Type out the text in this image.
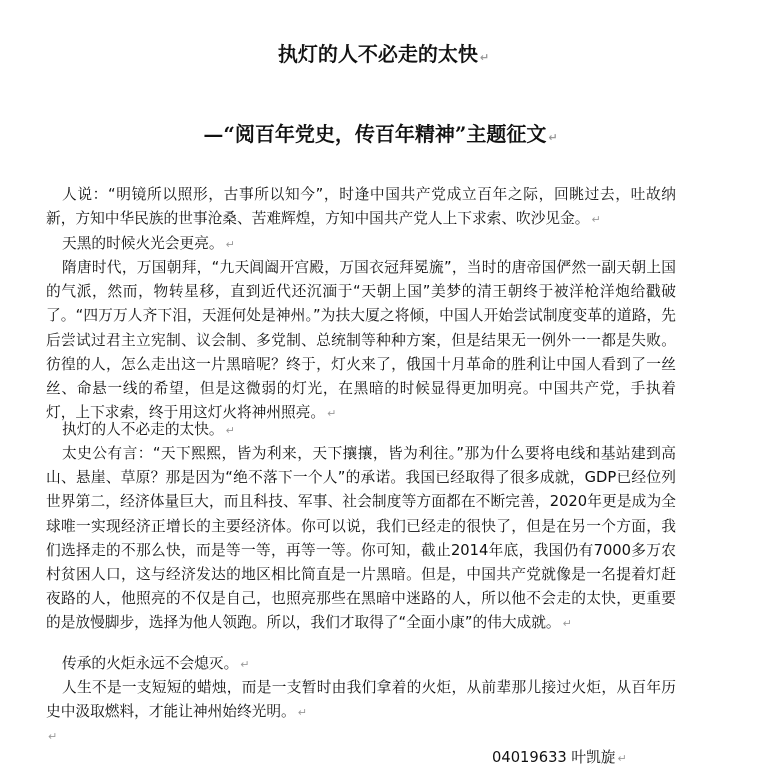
执灯的人不必走的太快 ↵
—“阅百年党史，传百年精神”主题征文 ↵
人说：“明镜所以照形，古事所以知今”，时逢中国共产党成立百年之际，回眺过去，吐故纳新，方知中华民族的世事沧桑、苦难辉煌，方知中国共产党人上下求索、吹沙见金。 ↵
天黑的时候火光会更亮。 ↵
隋唐时代，万国朝拜，“九天阊阖开宫殿，万国衣冠拜冕旒”，当时的唐帝国俨然一副天朝上国的气派，然而，物转星移，直到近代还沉湎于“天朝上国”美梦的清王朝终于被洋枪洋炮给戳破了。“四万万人齐下泪，天涯何处是神州。”为扶大厦之将倾，中国人开始尝试制度变革的道路，先后尝试过君主立宪制、议会制、多党制、总统制等种种方案，但是结果无一例外一一都是失败。彷徨的人，怎么走出这一片黑暗呢？终于，灯火来了，俄国十月革命的胜利让中国人看到了一丝丝、命悬一线的希望，但是这微弱的灯光，在黑暗的时候显得更加明亮。中国共产党，手执着灯，上下求索，终于用这灯火将神州照亮。 ↵
执灯的人不必走的太快。 ↵
太史公有言：“天下熙熙，皆为利来，天下攘攘，皆为利往。”那为什么要将电线和基站建到高山、悬崖、草原？那是因为“绝不落下一个人”的承诺。我国已经取得了很多成就，GDP已经位列世界第二，经济体量巨大，而且科技、军事、社会制度等方面都在不断完善，2020年更是成为全球唯一实现经济正增长的主要经济体。你可以说，我们已经走的很快了，但是在另一个方面，我们选择走的不那么快，而是等一等，再等一等。你可知，截止2014年底，我国仍有7000多万农村贫困人口，这与经济发达的地区相比简直是一片黑暗。但是，中国共产党就像是一名提着灯赶夜路的人，他照亮的不仅是自己，也照亮那些在黑暗中迷路的人，所以他不会走的太快，更重要的是放慢脚步，选择为他人领跑。所以，我们才取得了“全面小康”的伟大成就。 ↵
传承的火炬永远不会熄灭。 ↵
人生不是一支短短的蜡烛，而是一支暂时由我们拿着的火炬，从前辈那儿接过火炬，从百年历史中汲取燃料，才能让神州始终光明。 ↵
↵
04019633 叶凯旋 ↵
